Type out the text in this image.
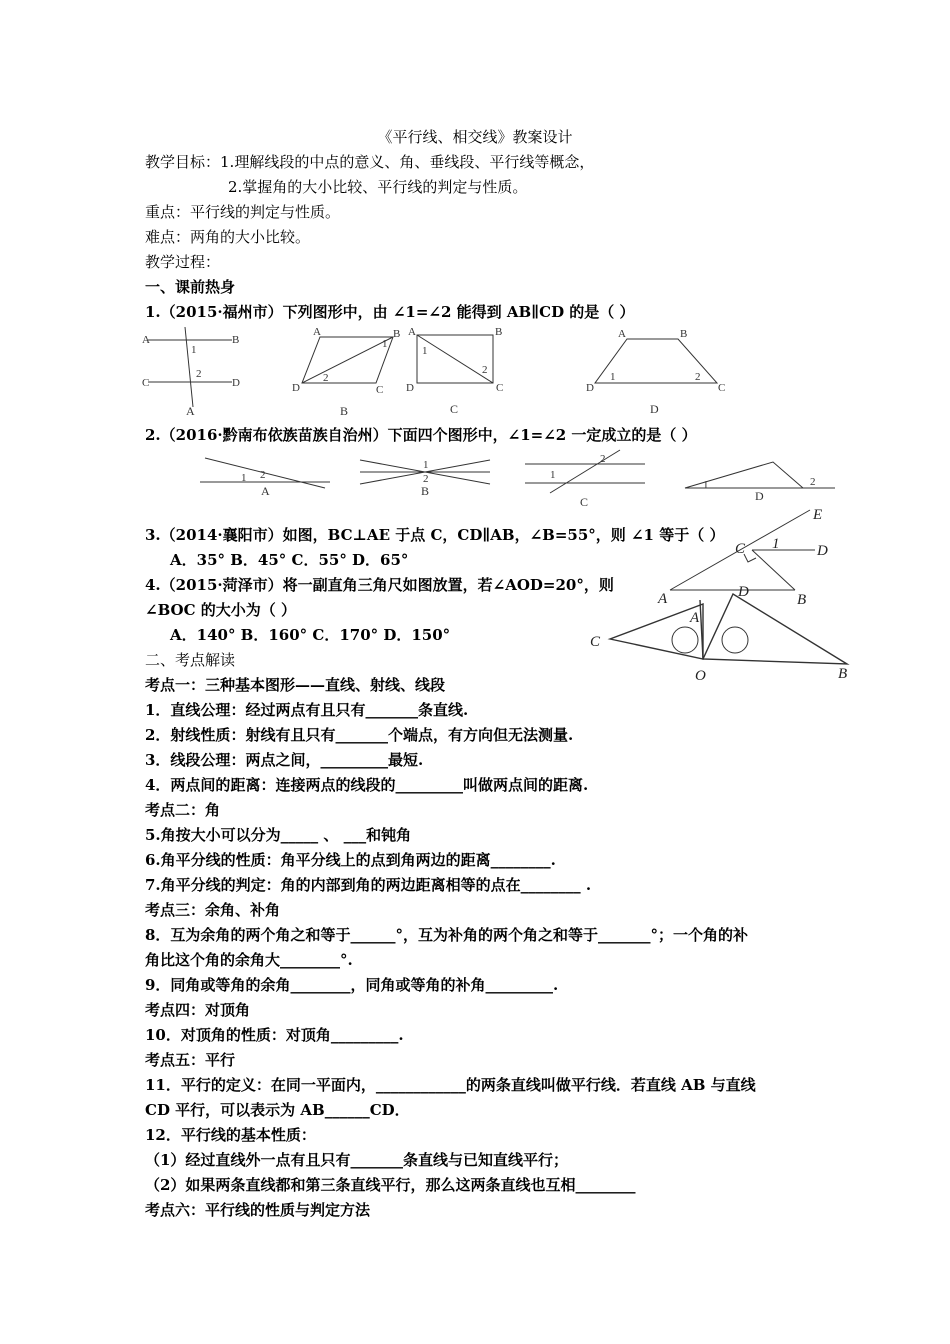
《平行线、相交线》教案设计
教学目标：1.理解线段的中点的意义、角、垂线段、平行线等概念，
2.掌握角的大小比较、平行线的判定与性质。
重点：平行线的判定与性质。
难点：两角的大小比较。
教学过程：
一、课前热身
1.（2015·福州市）下列图形中，由 ∠1=∠2 能得到 AB∥CD 的是（ ）
A	B
C	D
1
2
A
A	B
D	C
1
2
B
A	B
D	C
1
2
C
A	B
D	C
1	2
D
2.（2016·黔南布依族苗族自治州）下面四个图形中，∠1=∠2 一定成立的是（ ）
1 2
A
1
2
B
1
2
C
1	2
D
3.（2014·襄阳市）如图，BC⊥AE 于点 C，CD∥AB，∠B=55°，则 ∠1 等于（ ）
A．35° B．45° C．55° D．65°
4.（2015·菏泽市）将一副直角三角尺如图放置，若∠AOD=20°，则
∠BOC 的大小为（ ）
A．140° B．160° C．170° D．150°
E
C 1	D
A	B
A
D
C
O	B
二、考点解读
考点一：三种基本图形——直线、射线、线段
1．直线公理：经过两点有且只有_______条直线.
2．射线性质：射线有且只有_______个端点，有方向但无法测量.
3．线段公理：两点之间，_________最短.
4．两点间的距离：连接两点的线段的_________叫做两点间的距离.
考点二：角
5.角按大小可以分为_____ 、 ___和钝角
6.角平分线的性质：角平分线上的点到角两边的距离________.
7.角平分线的判定：角的内部到角的两边距离相等的点在________ .
考点三：余角、补角
8．互为余角的两个角之和等于______°，互为补角的两个角之和等于_______°；一个角的补
角比这个角的余角大________°.
9．同角或等角的余角________，同角或等角的补角_________.
考点四：对顶角
10．对顶角的性质：对顶角_________.
考点五：平行
11．平行的定义：在同一平面内，____________的两条直线叫做平行线．若直线 AB 与直线
CD 平行，可以表示为 AB______CD．
12．平行线的基本性质：
（1）经过直线外一点有且只有_______条直线与已知直线平行；
（2）如果两条直线都和第三条直线平行，那么这两条直线也互相________
考点六：平行线的性质与判定方法
